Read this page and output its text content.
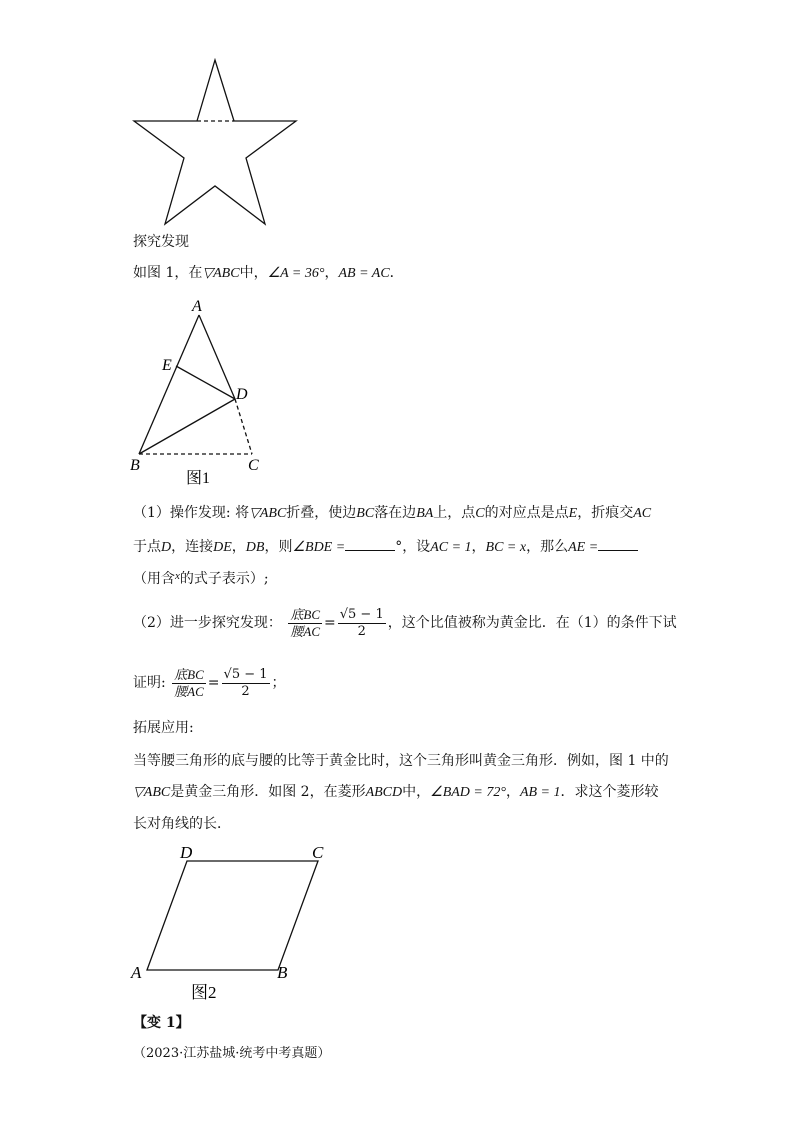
探究发现
如图 1，在▽ABC中，∠A = 36°，AB = AC．
A
E
D
B	C
图1
（1）操作发现: 将▽ABC折叠，使边BC落在边BA上，点C的对应点是点E，折痕交AC
于点D，连接DE，DB，则∠BDE =	°，设AC = 1，BC = x，那么AE =
（用含$^x$的式子表示）;
（2）进一步探究发现： $\frac{\text{底BC}}{\text{腰AC}} = \frac{√5 - 1}{2}$ ，这个比值被称为黄金比．在（1）的条件下试
证明: $\frac{\text{底BC}}{\text{腰AC}} = \frac{√5 - 1}{2}$ ；
拓展应用:
当等腰三角形的底与腰的比等于黄金比时，这个三角形叫黄金三角形．例如，图 1 中的
▽ABC是黄金三角形．如图 2，在菱形ABCD中，∠BAD = 72°，AB = 1．求这个菱形较
长对角线的长．
D	C
A	B
图2
【变 1】
（2023·江苏盐城·统考中考真题）
